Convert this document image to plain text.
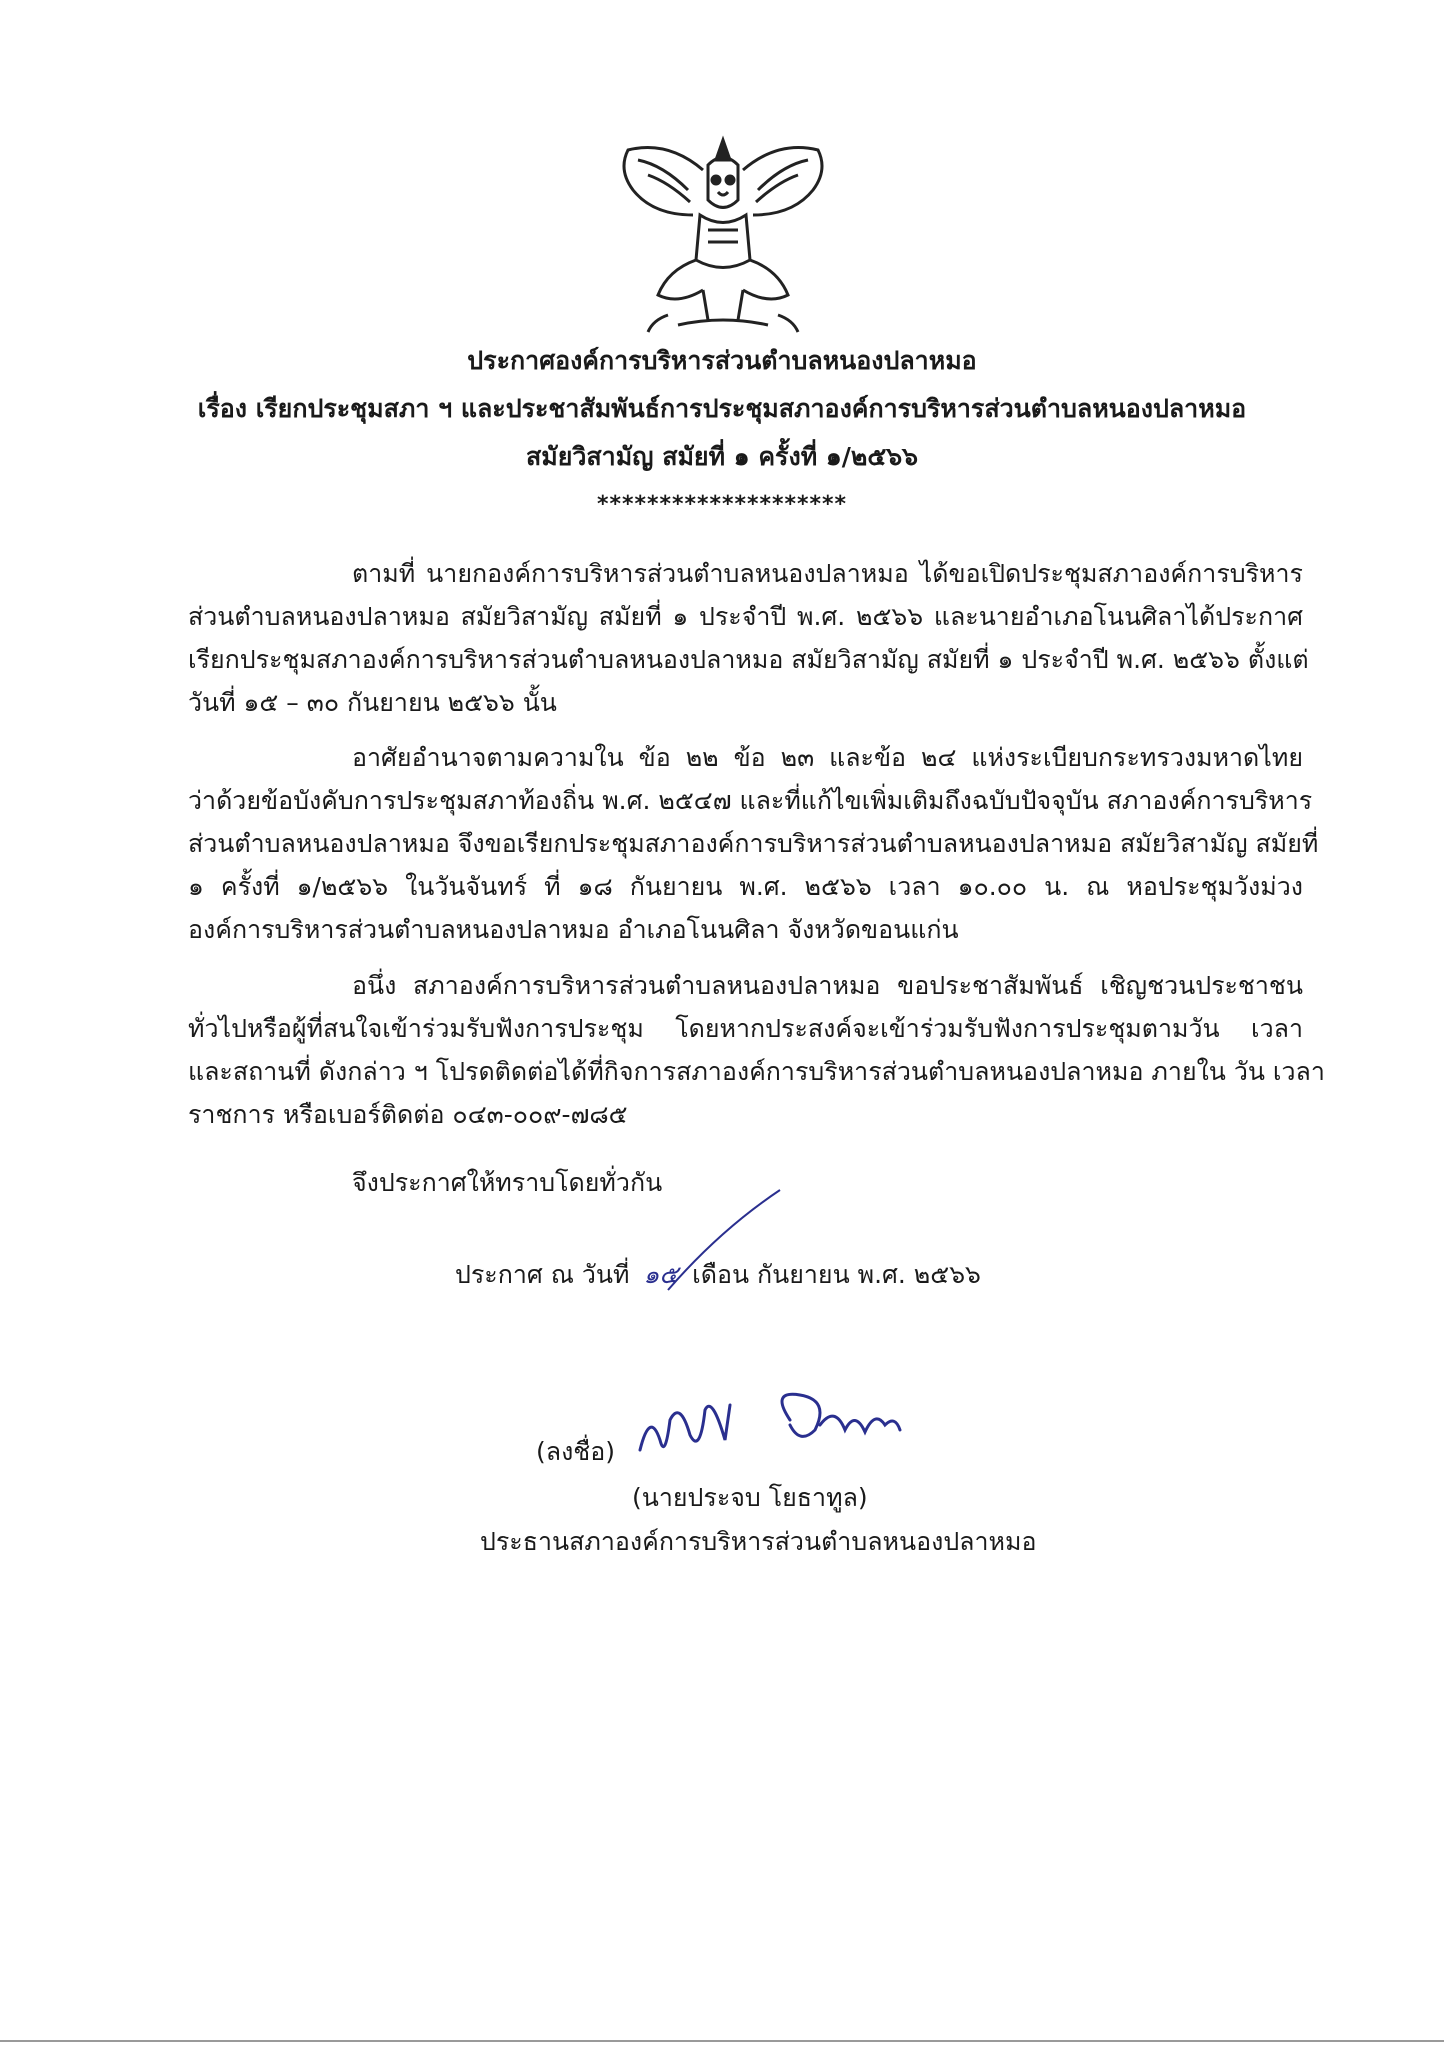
ประกาศองค์การบริหารส่วนตำบลหนองปลาหมอ
เรื่อง เรียกประชุมสภา ฯ และประชาสัมพันธ์การประชุมสภาองค์การบริหารส่วนตำบลหนองปลาหมอ
สมัยวิสามัญ สมัยที่ ๑ ครั้งที่ ๑/๒๕๖๖
********************
ตามที่ นายกองค์การบริหารส่วนตำบลหนองปลาหมอ ได้ขอเปิดประชุมสภาองค์การบริหาร
ส่วนตำบลหนองปลาหมอ สมัยวิสามัญ สมัยที่ ๑ ประจำปี พ.ศ. ๒๕๖๖ และนายอำเภอโนนศิลาได้ประกาศ
เรียกประชุมสภาองค์การบริหารส่วนตำบลหนองปลาหมอ สมัยวิสามัญ สมัยที่ ๑ ประจำปี พ.ศ. ๒๕๖๖ ตั้งแต่
วันที่ ๑๕ – ๓๐ กันยายน ๒๕๖๖ นั้น
อาศัยอำนาจตามความใน ข้อ ๒๒ ข้อ ๒๓ และข้อ ๒๔ แห่งระเบียบกระทรวงมหาดไทย
ว่าด้วยข้อบังคับการประชุมสภาท้องถิ่น พ.ศ. ๒๕๔๗ และที่แก้ไขเพิ่มเติมถึงฉบับปัจจุบัน สภาองค์การบริหาร
ส่วนตำบลหนองปลาหมอ จึงขอเรียกประชุมสภาองค์การบริหารส่วนตำบลหนองปลาหมอ สมัยวิสามัญ สมัยที่
๑ ครั้งที่ ๑/๒๕๖๖ ในวันจันทร์ ที่ ๑๘ กันยายน พ.ศ. ๒๕๖๖ เวลา ๑๐.๐๐ น. ณ หอประชุมวังม่วง
องค์การบริหารส่วนตำบลหนองปลาหมอ อำเภอโนนศิลา จังหวัดขอนแก่น
อนึ่ง สภาองค์การบริหารส่วนตำบลหนองปลาหมอ ขอประชาสัมพันธ์ เชิญชวนประชาชน
ทั่วไปหรือผู้ที่สนใจเข้าร่วมรับฟังการประชุม โดยหากประสงค์จะเข้าร่วมรับฟังการประชุมตามวัน เวลา
และสถานที่ ดังกล่าว ฯ โปรดติดต่อได้ที่กิจการสภาองค์การบริหารส่วนตำบลหนองปลาหมอ ภายใน วัน เวลา
ราชการ หรือเบอร์ติดต่อ ๐๔๓-๐๐๙-๗๘๕
จึงประกาศให้ทราบโดยทั่วกัน
ประกาศ ณ วันที่ ๑๕ เดือน กันยายน พ.ศ. ๒๕๖๖
(ลงชื่อ)
(นายประจบ โยธาทูล)
ประธานสภาองค์การบริหารส่วนตำบลหนองปลาหมอ
